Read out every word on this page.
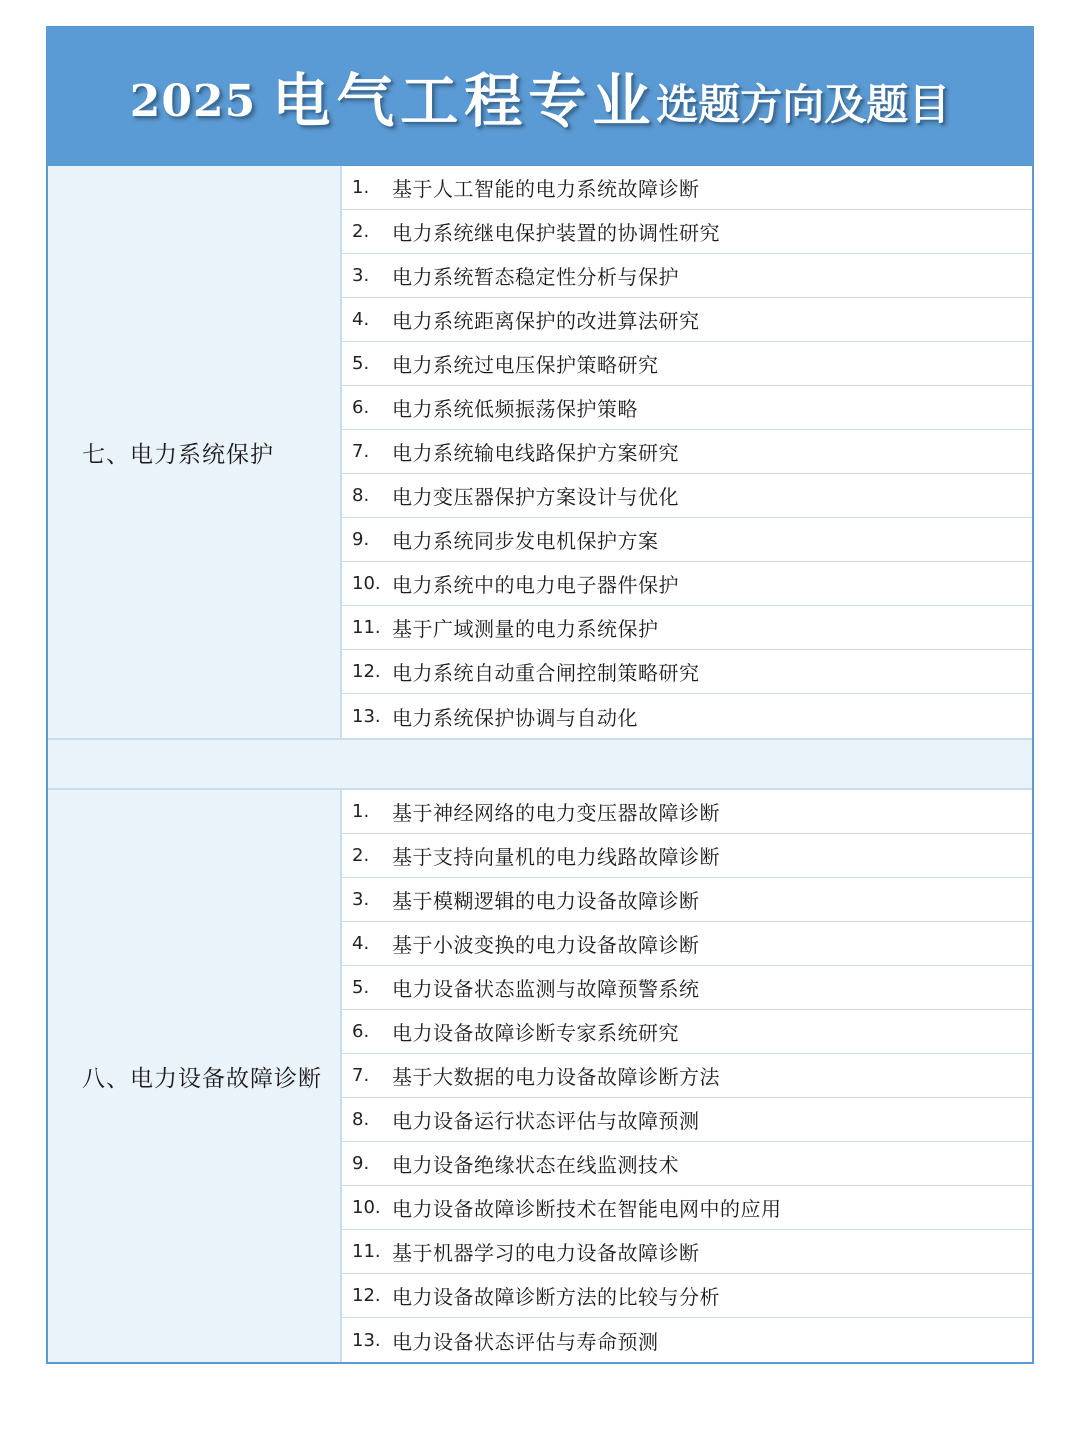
2025 电气工程专业 选题方向及题目
七、电力系统保护
1.	基于人工智能的电力系统故障诊断
2.	电力系统继电保护装置的协调性研究
3.	电力系统暂态稳定性分析与保护
4.	电力系统距离保护的改进算法研究
5.	电力系统过电压保护策略研究
6.	电力系统低频振荡保护策略
7.	电力系统输电线路保护方案研究
8.	电力变压器保护方案设计与优化
9.	电力系统同步发电机保护方案
10. 电力系统中的电力电子器件保护
11. 基于广域测量的电力系统保护
12. 电力系统自动重合闸控制策略研究
13. 电力系统保护协调与自动化
八、电力设备故障诊断
1.	基于神经网络的电力变压器故障诊断
2.	基于支持向量机的电力线路故障诊断
3.	基于模糊逻辑的电力设备故障诊断
4.	基于小波变换的电力设备故障诊断
5.	电力设备状态监测与故障预警系统
6.	电力设备故障诊断专家系统研究
7.	基于大数据的电力设备故障诊断方法
8.	电力设备运行状态评估与故障预测
9.	电力设备绝缘状态在线监测技术
10. 电力设备故障诊断技术在智能电网中的应用
11. 基于机器学习的电力设备故障诊断
12. 电力设备故障诊断方法的比较与分析
13. 电力设备状态评估与寿命预测
